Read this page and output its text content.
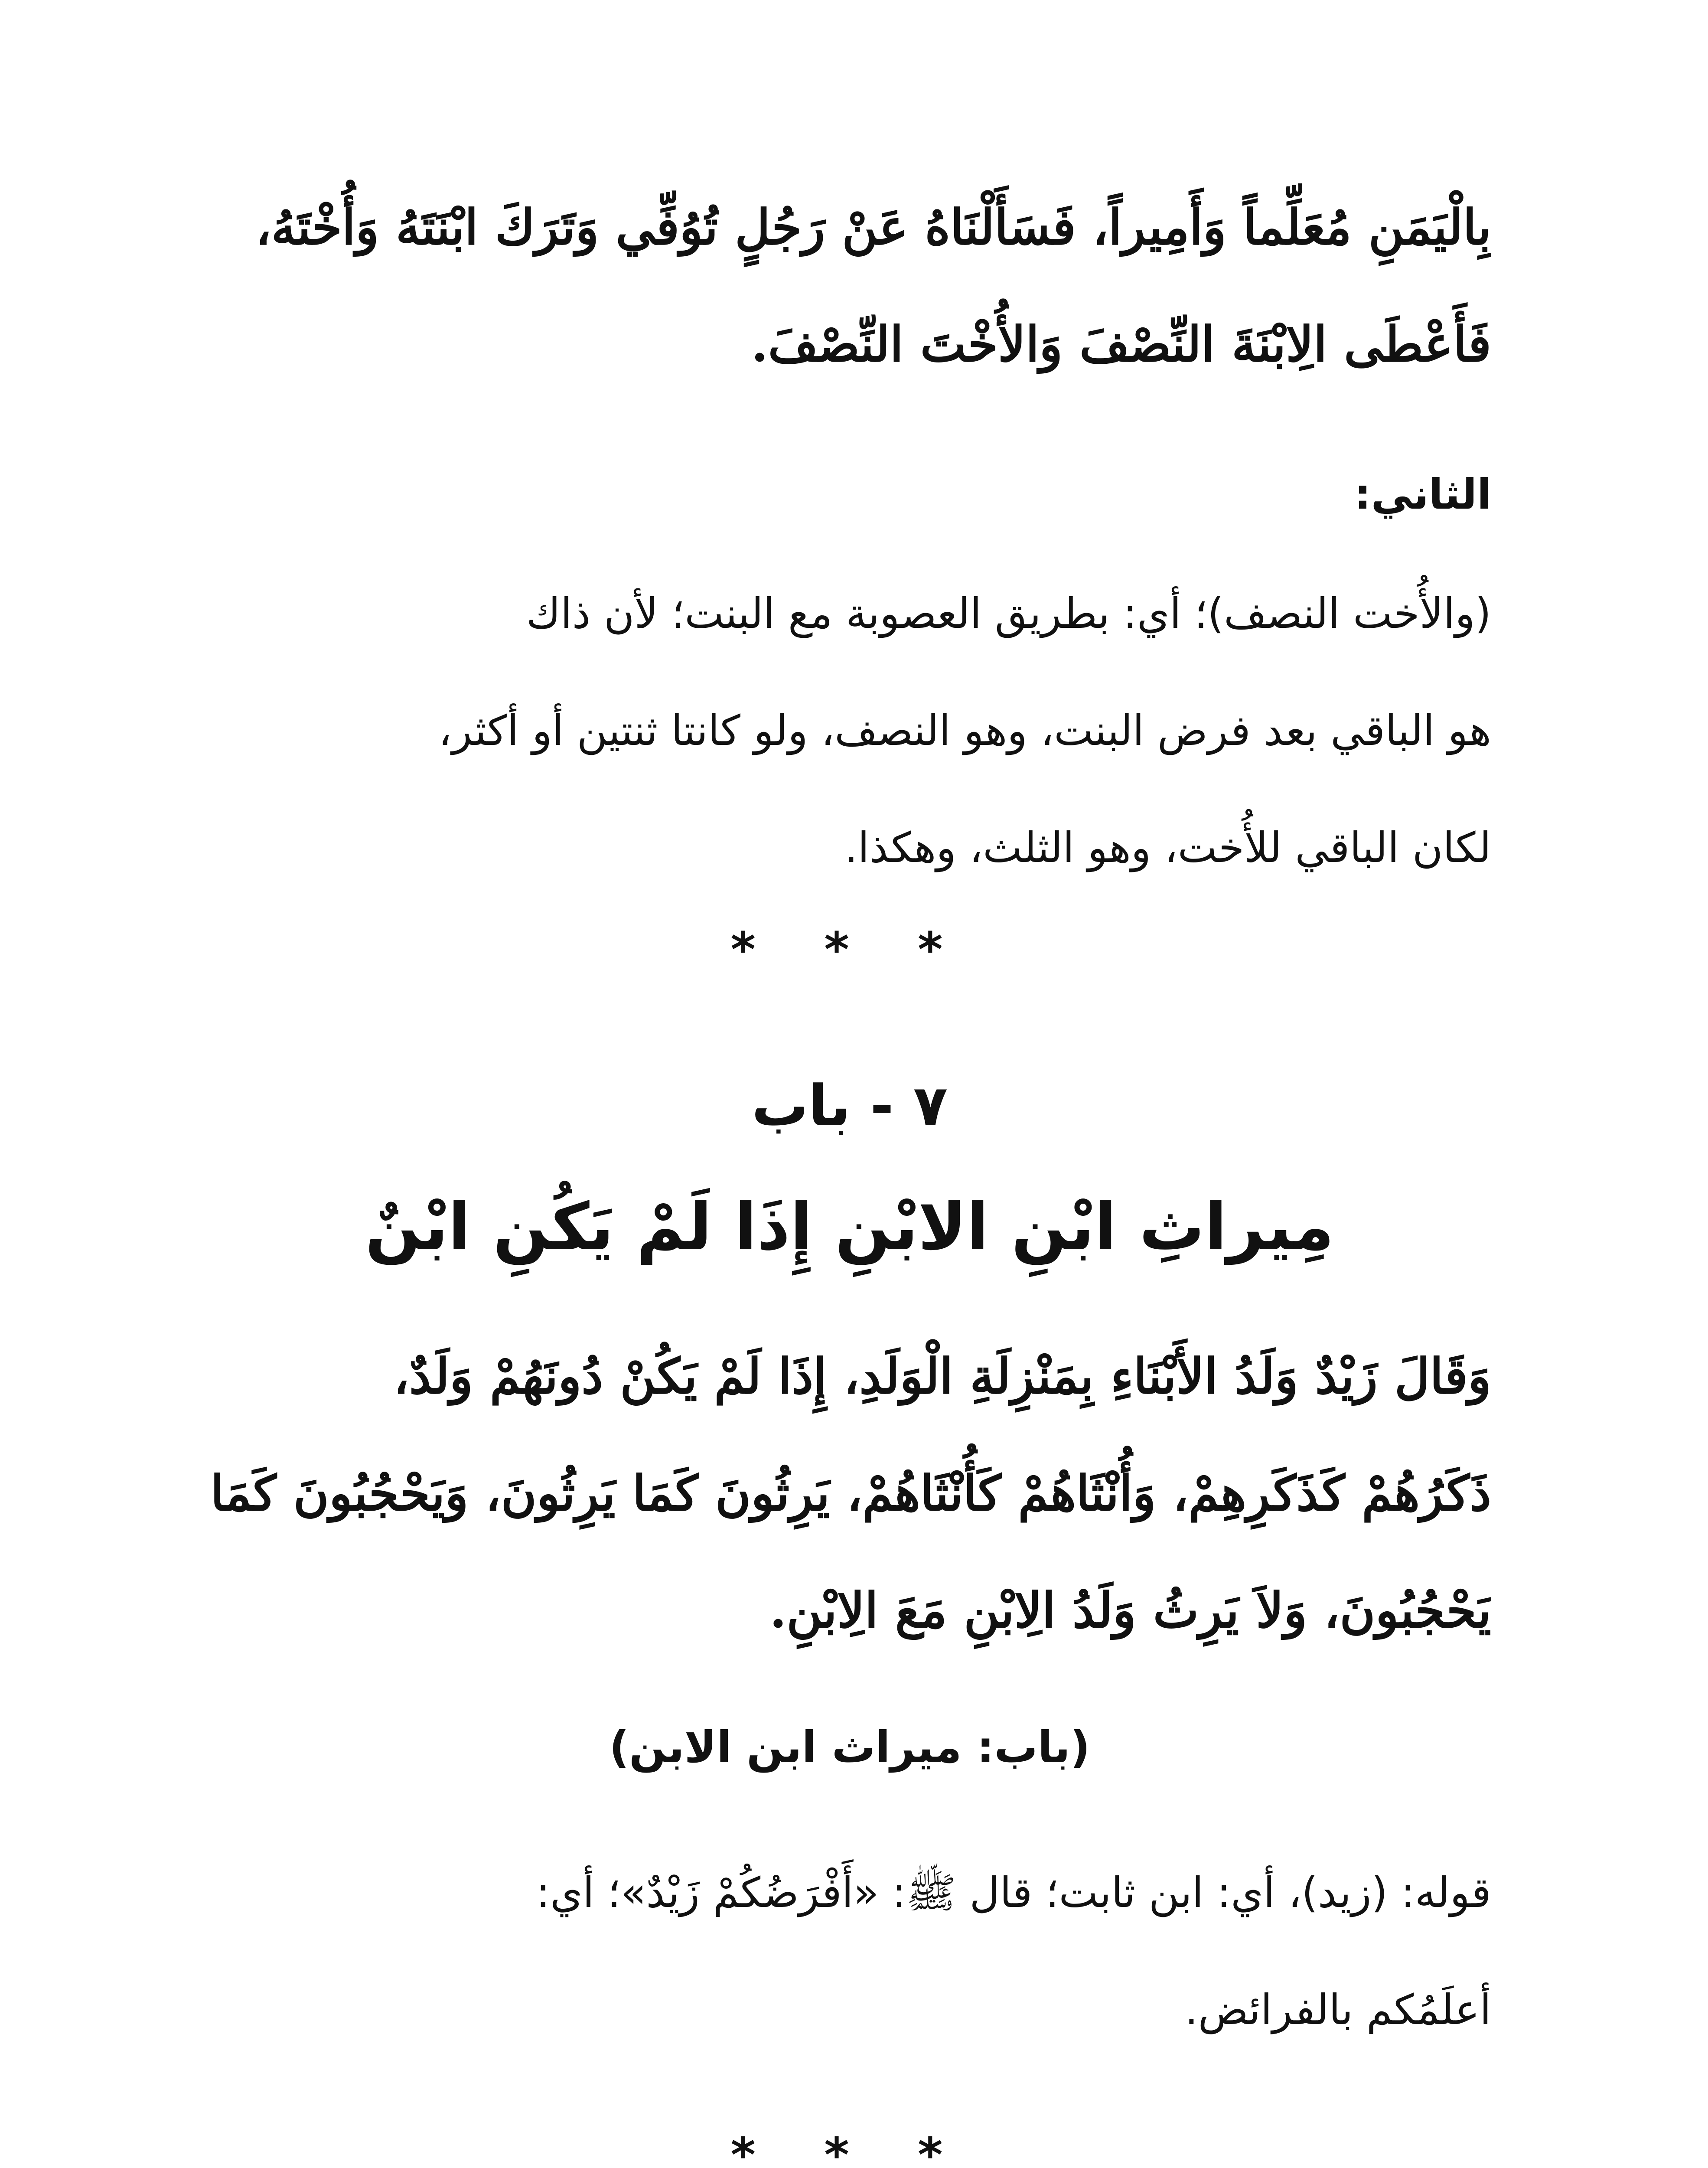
بِالْيَمَنِ مُعَلِّماً وَأَمِيراً، فَسَأَلْنَاهُ عَنْ رَجُلٍ تُوُفِّي وَتَرَكَ ابْنَتَهُ وَأُخْتَهُ،
فَأَعْطَى الِابْنَةَ النِّصْفَ وَالأُخْتَ النِّصْفَ.
الثاني:
(والأُخت النصف)؛ أي: بطريق العصوبة مع البنت؛ لأن ذاك
هو الباقي بعد فرض البنت، وهو النصف، ولو كانتا ثنتين أو أكثر،
لكان الباقي للأُخت، وهو الثلث، وهكذا.
* * *
٧ - باب
مِيراثِ ابْنِ الابْنِ إِذَا لَمْ يَكُنِ ابْنٌ
وَقَالَ زَيْدٌ وَلَدُ الأَبْنَاءِ بِمَنْزِلَةِ الْوَلَدِ، إِذَا لَمْ يَكُنْ دُونَهُمْ وَلَدٌ،
ذَكَرُهُمْ كَذَكَرِهِمْ، وَأُنْثَاهُمْ كَأُنْثَاهُمْ، يَرِثُونَ كَمَا يَرِثُونَ، وَيَحْجُبُونَ كَمَا
يَحْجُبُونَ، وَلاَ يَرِثُ وَلَدُ الِابْنِ مَعَ الِابْنِ.
(باب: ميراث ابن الابن)
قوله: (زيد)، أي: ابن ثابت؛ قال ﷺ: «أَفْرَضُكُمْ زَيْدٌ»؛ أي:
أعلَمُكم بالفرائض.
* * *
